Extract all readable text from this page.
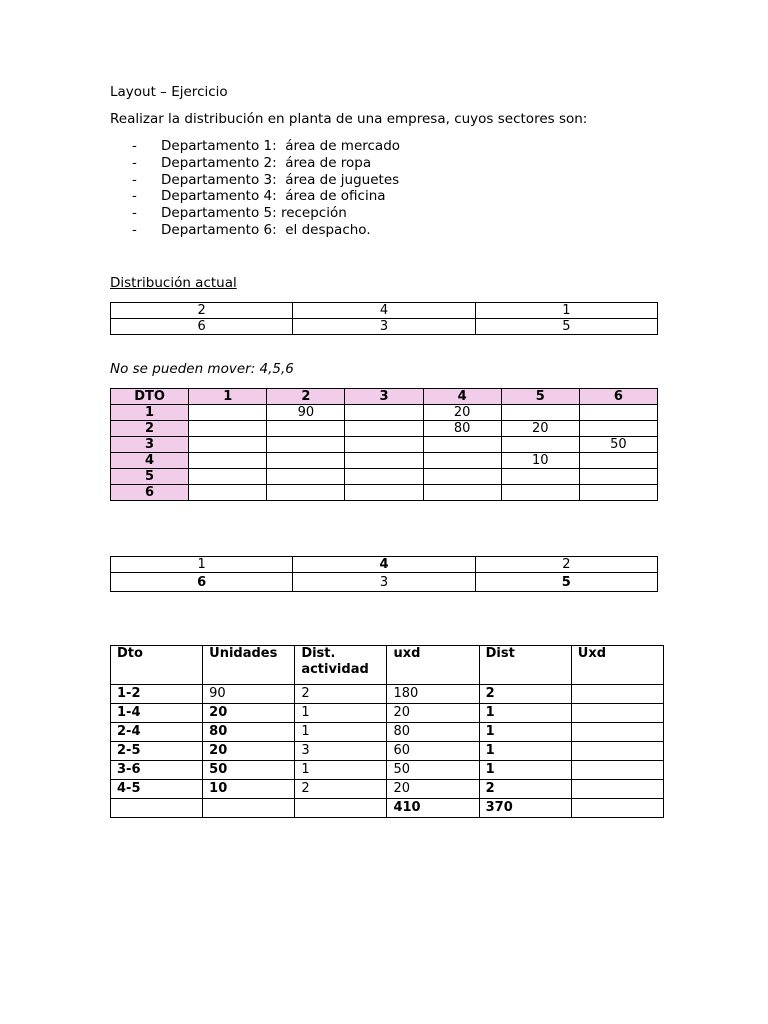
Layout – Ejercicio
Realizar la distribución en planta de una empresa, cuyos sectores son:
- Departamento 1:  área de mercado
- Departamento 2:  área de ropa
- Departamento 3:  área de juguetes
- Departamento 4:  área de oficina
- Departamento 5: recepción
- Departamento 6:  el despacho.
Distribución actual
2	4	1
6	3	5
No se pueden mover: 4,5,6
DTO	1	2	3	4	5	6
1		90		20		
2				80	20	
3						50
4					10	
5						
6						
1	4	2
6	3	5
Dto	Unidades	Dist. actividad	uxd	Dist	Uxd
1-2	90	2	180	2	
1-4	20	1	20	1	
2-4	80	1	80	1	
2-5	20	3	60	1	
3-6	50	1	50	1	
4-5	10	2	20	2	
			410	370	
